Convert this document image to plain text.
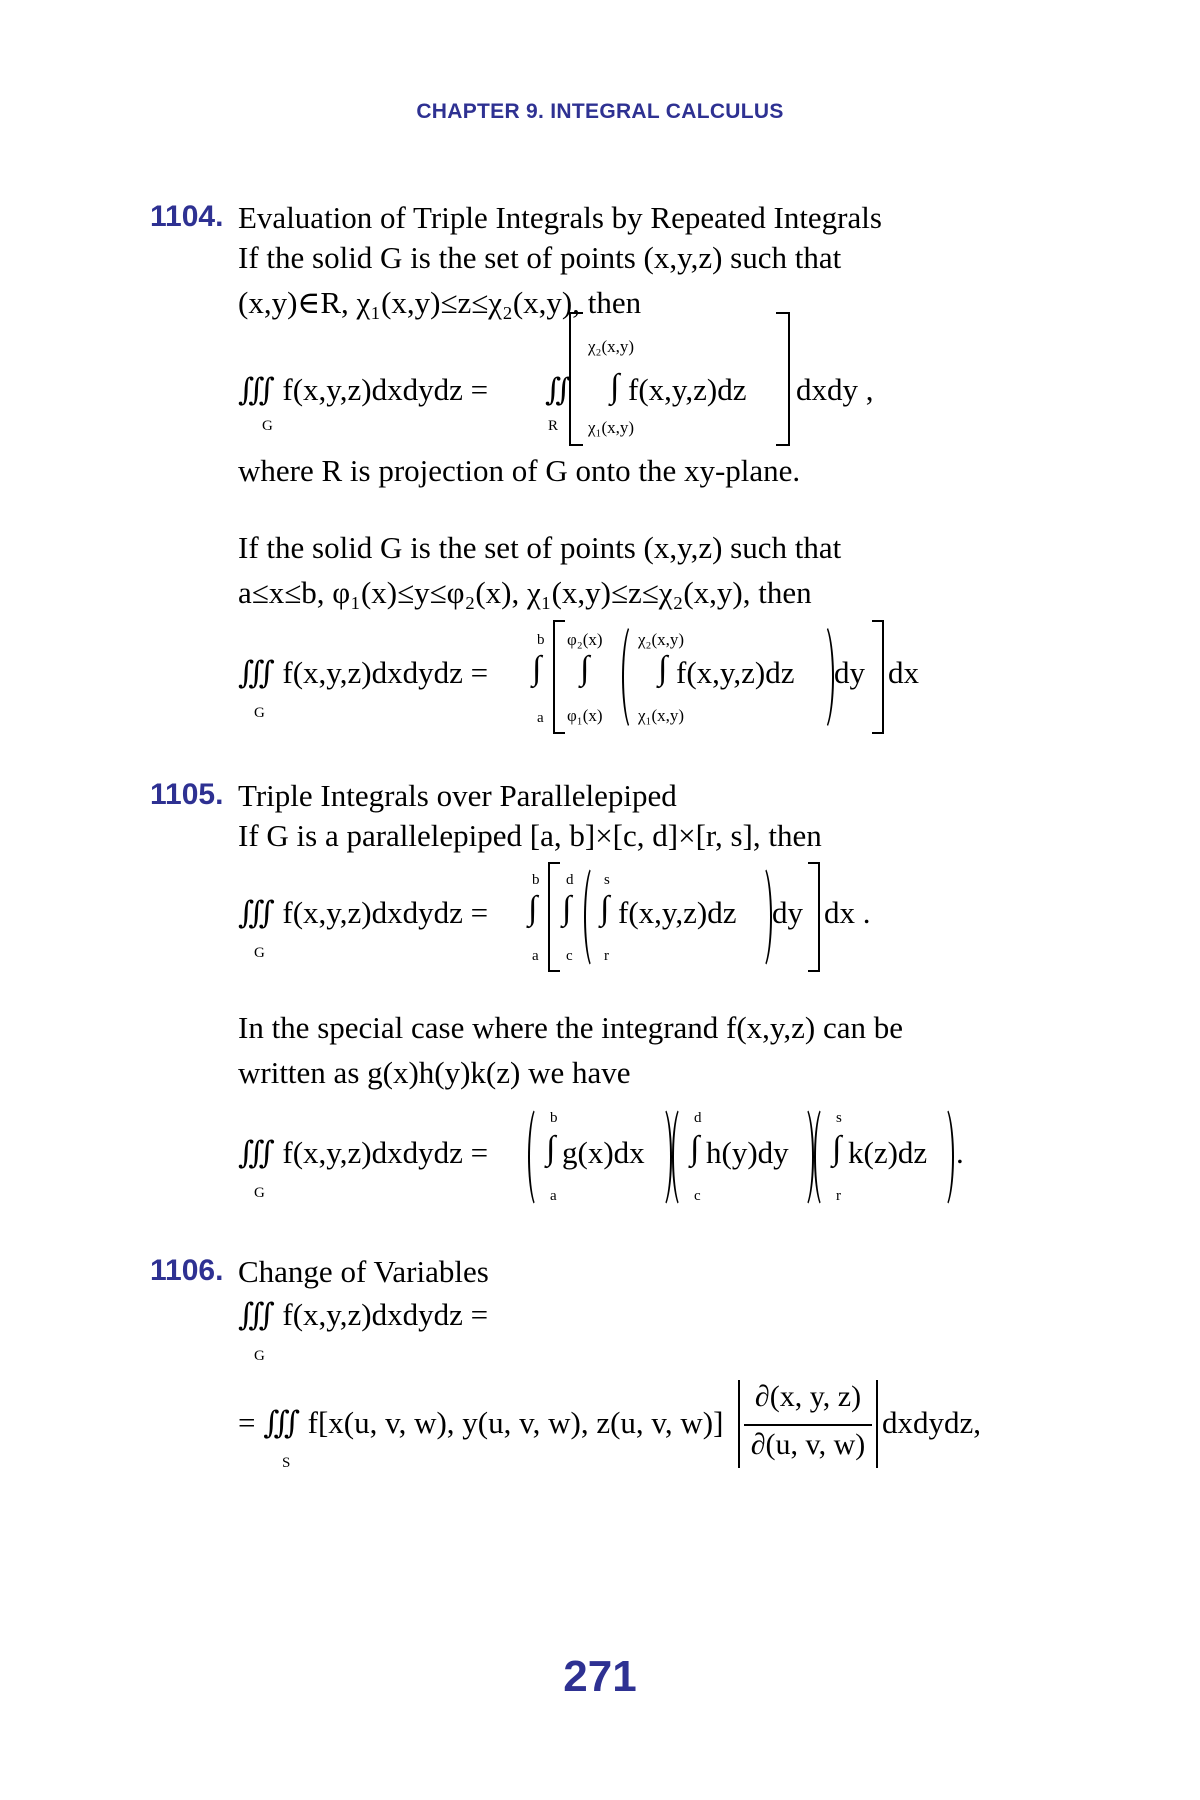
CHAPTER 9. INTEGRAL CALCULUS
1104. Evaluation of Triple Integrals by Repeated Integrals
If the solid G is the set of points (x,y,z) such that
(x,y)∈R, χ₁(x,y)≤z≤χ₂(x,y), then
∭ f(x,y,z)dxdydz =
G
∬
R
χ₂(x,y)
∫ f(x,y,z)dz
χ₁(x,y)
dxdy ,
where R is projection of G onto the xy-plane.
If the solid G is the set of points (x,y,z) such that
a≤x≤b, φ₁(x)≤y≤φ₂(x), χ₁(x,y)≤z≤χ₂(x,y), then
∭ f(x,y,z)dxdydz =
G
b
∫
a
φ₂(x)
∫
φ₁(x)
χ₂(x,y)
∫
χ₁(x,y)
f(x,y,z)dz dy dx
1105. Triple Integrals over Parallelepiped
If G is a parallelepiped [a, b]×[c, d]×[r, s], then
∭ f(x,y,z)dxdydz =
G
b
∫
a
d
∫
c
s
∫
r
f(x,y,z)dz dy dx .
In the special case where the integrand f(x,y,z) can be
written as g(x)h(y)k(z) we have
∭ f(x,y,z)dxdydz =
G
b
∫
a
g(x)dx
d
∫
c
h(y)dy
s
∫
r
k(z)dz .
1106. Change of Variables
∭ f(x,y,z)dxdydz =
G
= ∭ f[x(u, v, w), y(u, v, w), z(u, v, w)]
S
∂(x, y, z)
∂(u, v, w)
dxdydz,
271
